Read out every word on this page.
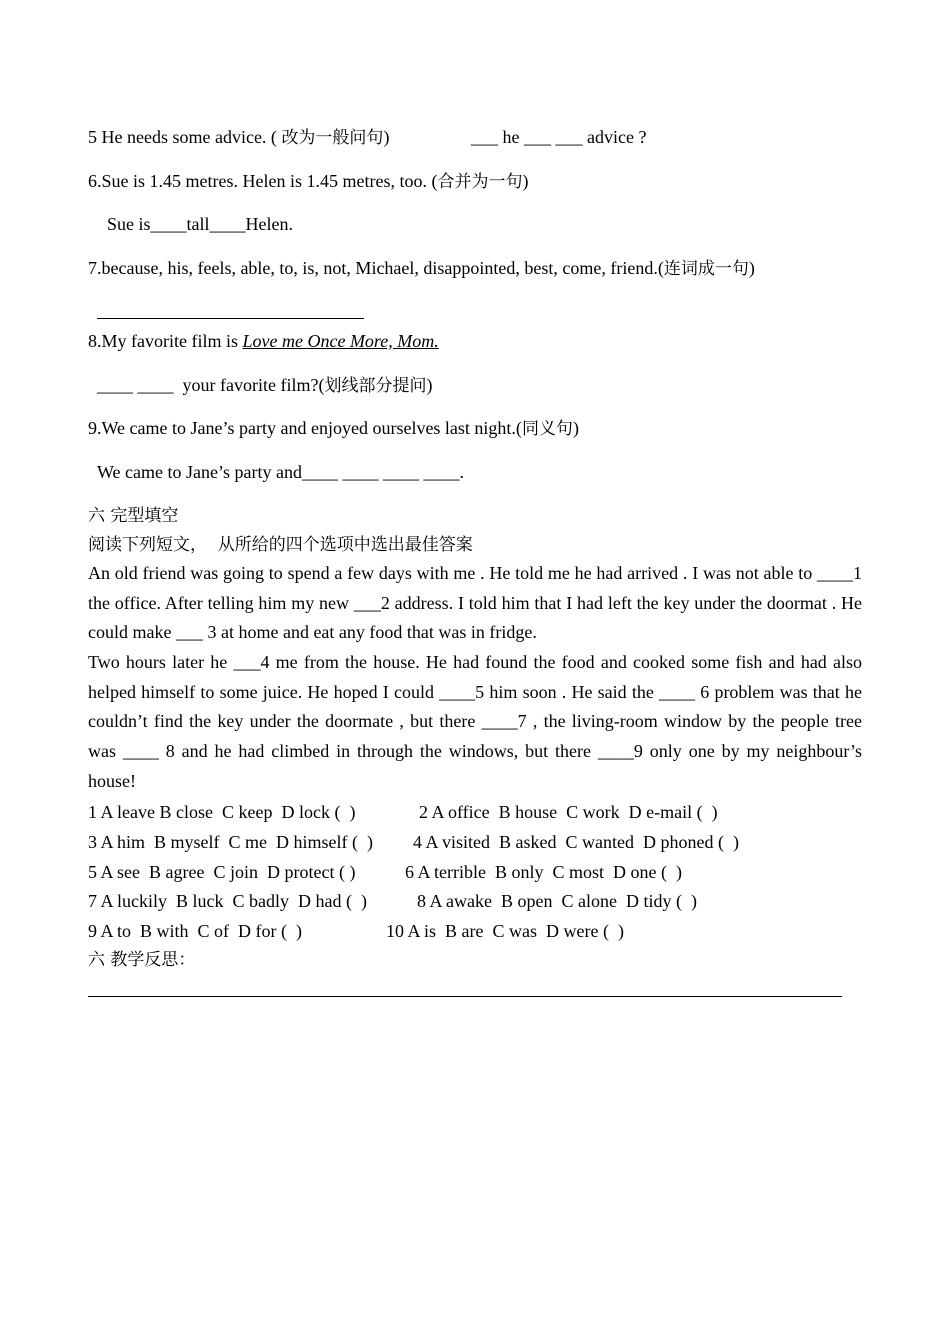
5 He needs some advice. ( 改为一般问句)	___ he ___ ___ advice ?
6.Sue is 1.45 metres. Helen is 1.45 metres, too. (合并为一句)
Sue is____tall____Helen.
7.because, his, feels, able, to, is, not, Michael, disappointed, best, come, friend.(连词成一句)
8.My favorite film is Love me Once More, Mom.
____ ____  your favorite film?(划线部分提问)
9.We came to Jane’s party and enjoyed ourselves last night.(同义句)
We came to Jane’s party and____ ____ ____ ____.
六 完型填空
阅读下列短文，  从所给的四个选项中选出最佳答案
An old friend was going to spend a few days with me . He told me he had arrived . I was not able to ____1 the office. After telling him my new ___2 address. I told him that I had left the key under the doormat . He could make ___ 3 at home and eat any food that was in fridge.
Two hours later he ___4 me from the house. He had found the food and cooked some fish and had also helped himself to some juice. He hoped I could ____5 him soon . He said the ____ 6 problem was that he couldn’t find the key under the doormate , but there ____7 , the living-room window by the people tree was ____ 8 and he had climbed in through the windows, but there ____9 only one by my neighbour’s house!
1 A leave B close  C keep  D lock (  )	2 A office  B house  C work  D e-mail (  )
3 A him  B myself  C me  D himself (  ) 4 A visited  B asked  C wanted  D phoned (  )
5 A see  B agree  C join  D protect ( )	6 A terrible  B only  C most  D one (  )
7 A luckily  B luck  C badly  D had (  )	8 A awake  B open  C alone  D tidy (  )
9 A to  B with  C of  D for (  )	10 A is  B are  C was  D were (  )
六 教学反思：
